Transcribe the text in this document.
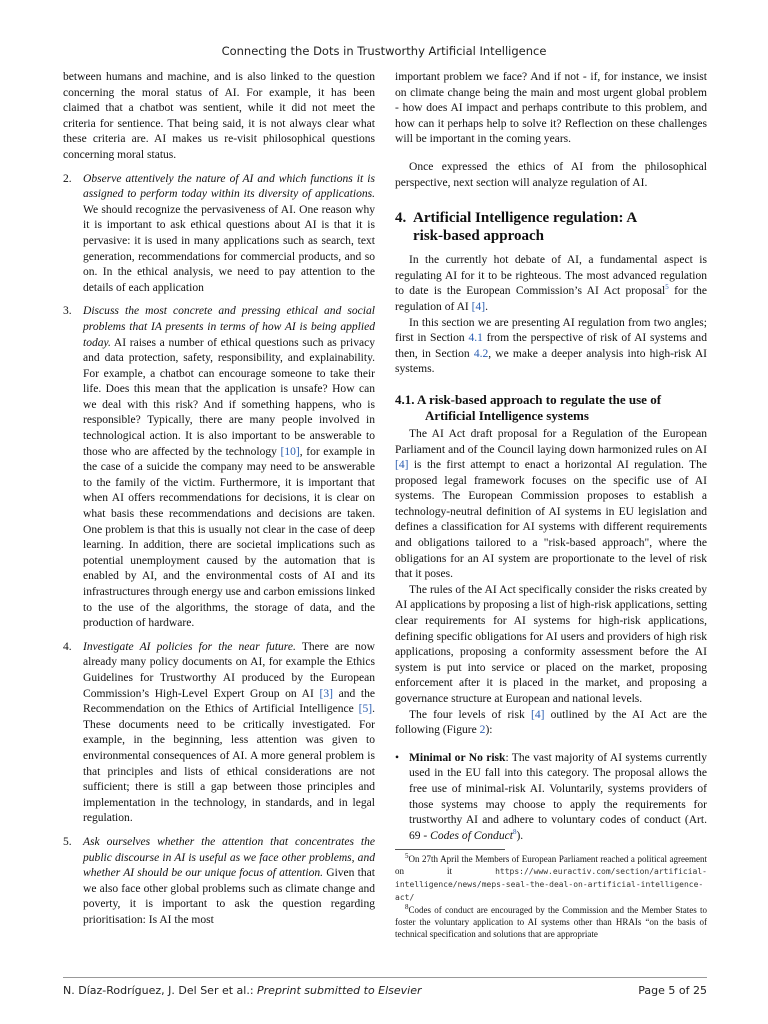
Connecting the Dots in Trustworthy Artificial Intelligence

between humans and machine, and is also linked to the question concerning the moral status of AI. For example, it has been claimed that a chatbot was sentient, while it did not meet the criteria for sentience. That being said, it is not always clear what these criteria are. AI makes us re-visit philosophical questions concerning moral status.

2. Observe attentively the nature of AI and which functions it is assigned to perform today within its diversity of applications. We should recognize the pervasiveness of AI. One reason why it is important to ask ethical questions about AI is that it is pervasive: it is used in many applications such as search, text generation, recommendations for commercial products, and so on. In the ethical analysis, we need to pay attention to the details of each application
3. Discuss the most concrete and pressing ethical and social problems that IA presents in terms of how AI is being applied today. AI raises a number of ethical questions such as privacy and data protection, safety, responsibility, and explainability. For example, a chatbot can encourage someone to take their life. Does this mean that the application is unsafe? How can we deal with this risk? And if something happens, who is responsible? Typically, there are many people involved in technological action. It is also important to be answerable to those who are affected by the technology [10], for example in the case of a suicide the company may need to be answerable to the family of the victim. Furthermore, it is important that when AI offers recommendations for decisions, it is clear on what basis these recommendations and decisions are taken. One problem is that this is usually not clear in the case of deep learning. In addition, there are societal implications such as potential unemployment caused by the automation that is enabled by AI, and the environmental costs of AI and its infrastructures through energy use and carbon emissions linked to the use of the algorithms, the storage of data, and the production of hardware.
4. Investigate AI policies for the near future. There are now already many policy documents on AI, for example the Ethics Guidelines for Trustworthy AI produced by the European Commission’s High-Level Expert Group on AI [3] and the Recommendation on the Ethics of Artificial Intelligence [5]. These documents need to be critically investigated. For example, in the beginning, less attention was given to environmental consequences of AI. A more general problem is that principles and lists of ethical considerations are not sufficient; there is still a gap between those principles and implementation in the technology, in standards, and in legal regulation.
5. Ask ourselves whether the attention that concentrates the public discourse in AI is useful as we face other problems, and whether AI should be our unique focus of attention. Given that we also face other global problems such as climate change and poverty, it is important to ask the question regarding prioritisation: Is AI the most

important problem we face? And if not - if, for instance, we insist on climate change being the main and most urgent global problem - how does AI impact and perhaps contribute to this problem, and how can it perhaps help to solve it? Reflection on these challenges will be important in the coming years.

Once expressed the ethics of AI from the philosophical perspective, next section will analyze regulation of AI.

4. Artificial Intelligence regulation: A
risk-based approach

In the currently hot debate of AI, a fundamental aspect is regulating AI for it to be righteous. The most advanced regulation to date is the European Commission’s AI Act proposal$^5$ for the regulation of AI [4].

In this section we are presenting AI regulation from two angles; first in Section 4.1 from the perspective of risk of AI systems and then, in Section 4.2, we make a deeper analysis into high-risk AI systems.

4.1. A risk-based approach to regulate the use of
Artificial Intelligence systems

The AI Act draft proposal for a Regulation of the European Parliament and of the Council laying down harmonized rules on AI [4] is the first attempt to enact a horizontal AI regulation. The proposed legal framework focuses on the specific use of AI systems. The European Commission proposes to establish a technology-neutral definition of AI systems in EU legislation and defines a classification for AI systems with different requirements and obligations tailored to a "risk-based approach", where the obligations for an AI system are proportionate to the level of risk that it poses.

The rules of the AI Act specifically consider the risks created by AI applications by proposing a list of high-risk applications, setting clear requirements for AI systems for high-risk applications, defining specific obligations for AI users and providers of high risk applications, proposing a conformity assessment before the AI system is put into service or placed on the market, proposing enforcement after it is placed in the market, and proposing a governance structure at European and national levels.

The four levels of risk [4] outlined by the AI Act are the following (Figure 2):

• Minimal or No risk: The vast majority of AI systems currently used in the EU fall into this category. The proposal allows the free use of minimal-risk AI. Voluntarily, systems providers of those systems may choose to apply the requirements for trustworthy AI and adhere to voluntary codes of conduct (Art. 69 - Codes of Conduct$^8$).

$^5$On 27th April the Members of European Parliament reached a political agreement on it https://www.euractiv.com/section/artificial-intelligence/news/meps-seal-the-deal-on-artificial-intelligence-act/

$^8$Codes of conduct are encouraged by the Commission and the Member States to foster the voluntary application to AI systems other than HRAIs “on the basis of technical specification and solutions that are appropriate

N. Díaz-Rodríguez, J. Del Ser et al.: Preprint submitted to Elsevier	Page 5 of 25
